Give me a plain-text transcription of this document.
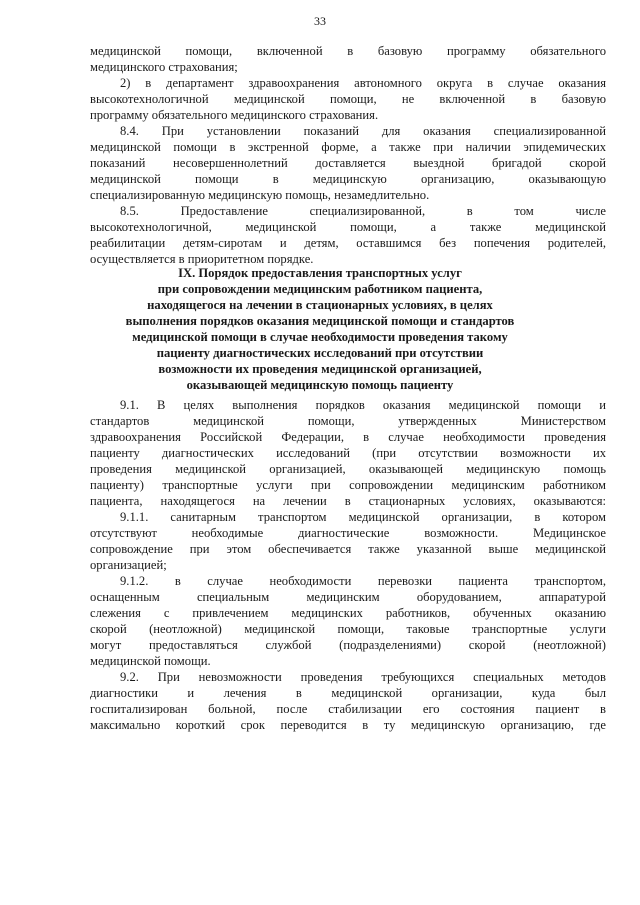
33
медицинской помощи, включенной в базовую программу обязательного
медицинского страхования;
2) в департамент здравоохранения автономного округа в случае оказания
высокотехнологичной медицинской помощи, не включенной в базовую
программу обязательного медицинского страхования.
8.4. При установлении показаний для оказания специализированной
медицинской помощи в экстренной форме, а также при наличии эпидемических
показаний несовершеннолетний доставляется выездной бригадой скорой
медицинской помощи в медицинскую организацию, оказывающую
специализированную медицинскую помощь, незамедлительно.
8.5. Предоставление специализированной, в том числе
высокотехнологичной, медицинской помощи, а также медицинской
реабилитации детям-сиротам и детям, оставшимся без попечения родителей,
осуществляется в приоритетном порядке.
IX. Порядок предоставления транспортных услуг
при сопровождении медицинским работником пациента,
находящегося на лечении в стационарных условиях, в целях
выполнения порядков оказания медицинской помощи и стандартов
медицинской помощи в случае необходимости проведения такому
пациенту диагностических исследований при отсутствии
возможности их проведения медицинской организацией,
оказывающей медицинскую помощь пациенту
9.1. В целях выполнения порядков оказания медицинской помощи и
стандартов медицинской помощи, утвержденных Министерством
здравоохранения Российской Федерации, в случае необходимости проведения
пациенту диагностических исследований (при отсутствии возможности их
проведения медицинской организацией, оказывающей медицинскую помощь
пациенту) транспортные услуги при сопровождении медицинским работником
пациента, находящегося на лечении в стационарных условиях, оказываются:
9.1.1. санитарным транспортом медицинской организации, в котором
отсутствуют необходимые диагностические возможности. Медицинское
сопровождение при этом обеспечивается также указанной выше медицинской
организацией;
9.1.2. в случае необходимости перевозки пациента транспортом,
оснащенным специальным медицинским оборудованием, аппаратурой
слежения с привлечением медицинских работников, обученных оказанию
скорой (неотложной) медицинской помощи, таковые транспортные услуги
могут предоставляться службой (подразделениями) скорой (неотложной)
медицинской помощи.
9.2. При невозможности проведения требующихся специальных методов
диагностики и лечения в медицинской организации, куда был
госпитализирован больной, после стабилизации его состояния пациент в
максимально короткий срок переводится в ту медицинскую организацию, где
